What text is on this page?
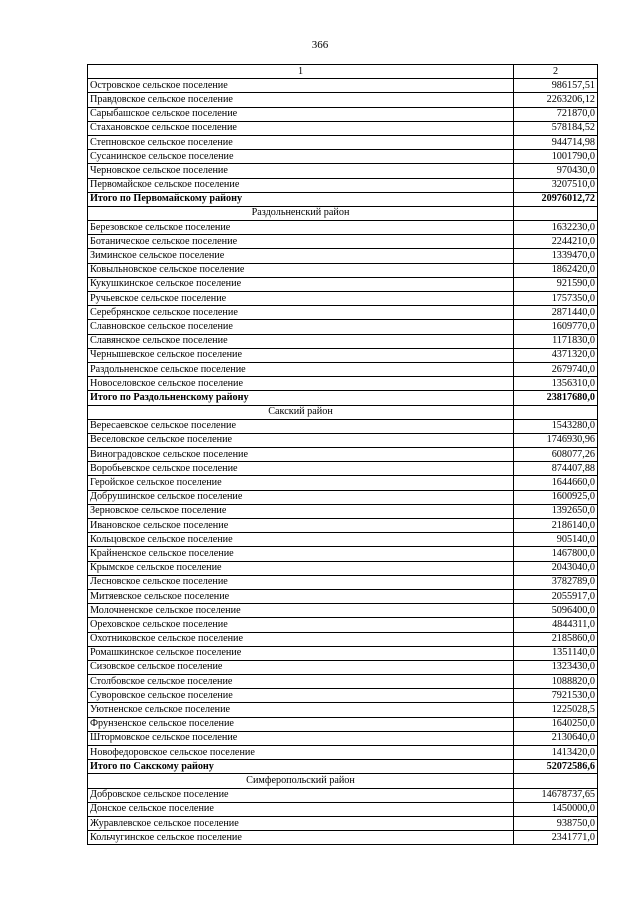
366
1	2
Островское сельское поселение	986157,51
Правдовское сельское поселение	2263206,12
Сарыбашское сельское поселение	721870,0
Стахановское сельское поселение	578184,52
Степновское сельское поселение	944714,98
Сусанинское сельское поселение	1001790,0
Черновское сельское поселение	970430,0
Первомайское сельское поселение	3207510,0
Итого по Первомайскому району	20976012,72
Раздольненский район	
Березовское сельское поселение	1632230,0
Ботаническое сельское поселение	2244210,0
Зиминское сельское поселение	1339470,0
Ковыльновское сельское поселение	1862420,0
Кукушкинское сельское поселение	921590,0
Ручьевское сельское поселение	1757350,0
Серебрянское сельское поселение	2871440,0
Славновское сельское поселение	1609770,0
Славянское сельское поселение	1171830,0
Чернышевское сельское поселение	4371320,0
Раздольненское сельское поселение	2679740,0
Новоселовское сельское поселение	1356310,0
Итого по Раздольненскому району	23817680,0
Сакский район	
Вересаевское сельское поселение	1543280,0
Веселовское сельское поселение	1746930,96
Виноградовское сельское поселение	608077,26
Воробьевское сельское поселение	874407,88
Геройское сельское поселение	1644660,0
Добрушинское сельское поселение	1600925,0
Зерновское сельское поселение	1392650,0
Ивановское сельское поселение	2186140,0
Кольцовское сельское поселение	905140,0
Крайненское сельское поселение	1467800,0
Крымское сельское поселение	2043040,0
Лесновское сельское поселение	3782789,0
Митяевское сельское поселение	2055917,0
Молочненское сельское поселение	5096400,0
Ореховское сельское поселение	4844311,0
Охотниковское сельское поселение	2185860,0
Ромашкинское сельское поселение	1351140,0
Сизовское сельское поселение	1323430,0
Столбовское сельское поселение	1088820,0
Суворовское сельское поселение	7921530,0
Уютненское сельское поселение	1225028,5
Фрунзенское сельское поселение	1640250,0
Штормовское сельское поселение	2130640,0
Новофедоровское сельское поселение	1413420,0
Итого по Сакскому району	52072586,6
Симферопольский район	
Добровское сельское поселение	14678737,65
Донское сельское поселение	1450000,0
Журавлевское сельское поселение	938750,0
Кольчугинское сельское поселение	2341771,0
